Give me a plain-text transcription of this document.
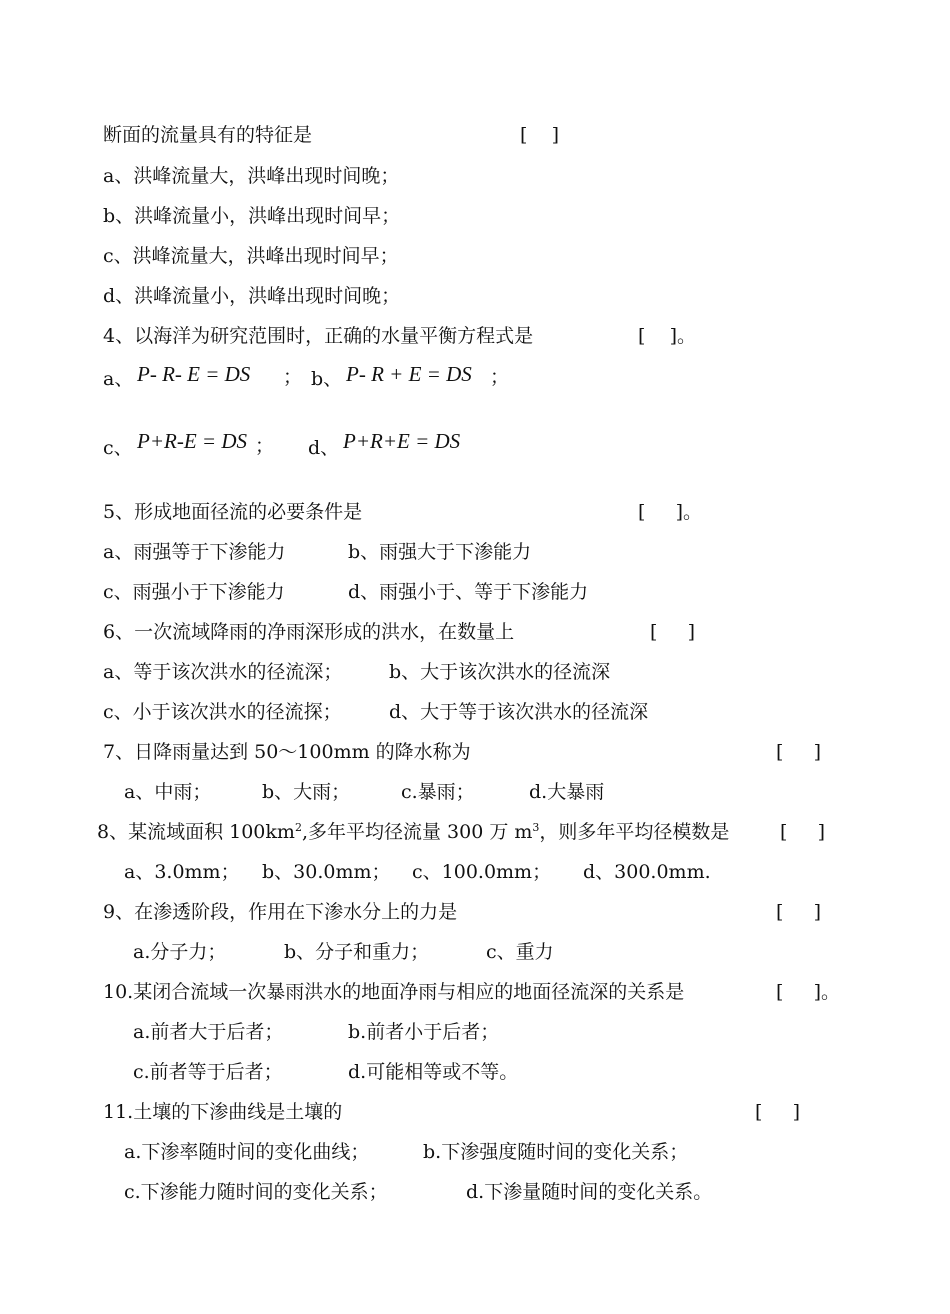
断面的流量具有的特征是	[    ]
a、洪峰流量大，洪峰出现时间晚；
b、洪峰流量小，洪峰出现时间早；
c、洪峰流量大，洪峰出现时间早；
d、洪峰流量小，洪峰出现时间晚；
4、以海洋为研究范围时，正确的水量平衡方程式是	[    ]。
a、 P- R- E = DS ； b、 P- R + E = DS ；
c、 P+R-E = DS ； d、 P+R+E = DS
5、形成地面径流的必要条件是	[     ]。
a、雨强等于下渗能力	b、雨强大于下渗能力
c、雨强小于下渗能力	d、雨强小于、等于下渗能力
6、一次流域降雨的净雨深形成的洪水，在数量上	[     ]
a、等于该次洪水的径流深； b、大于该次洪水的径流深
c、小于该次洪水的径流探； d、大于等于该次洪水的径流深
7、日降雨量达到 50～100mm 的降水称为	[     ]
a、中雨；	b、大雨；	c.暴雨；	d.大暴雨
8、某流域面积 $100km^2$,多年平均径流量 300 万 $m^3$，则多年平均径模数是	[     ]
a、3.0mm； b、30.0mm； c、100.0mm； d、300.0mm.
9、在渗透阶段，作用在下渗水分上的力是	[     ]
a.分子力；	b、分子和重力；	c、重力
10.某闭合流域一次暴雨洪水的地面净雨与相应的地面径流深的关系是	[     ]。
a.前者大于后者；	b.前者小于后者；
c.前者等于后者；	d.可能相等或不等。
11.土壤的下渗曲线是土壤的	[     ]
a.下渗率随时间的变化曲线；	b.下渗强度随时间的变化关系；
c.下渗能力随时间的变化关系；	d.下渗量随时间的变化关系。
